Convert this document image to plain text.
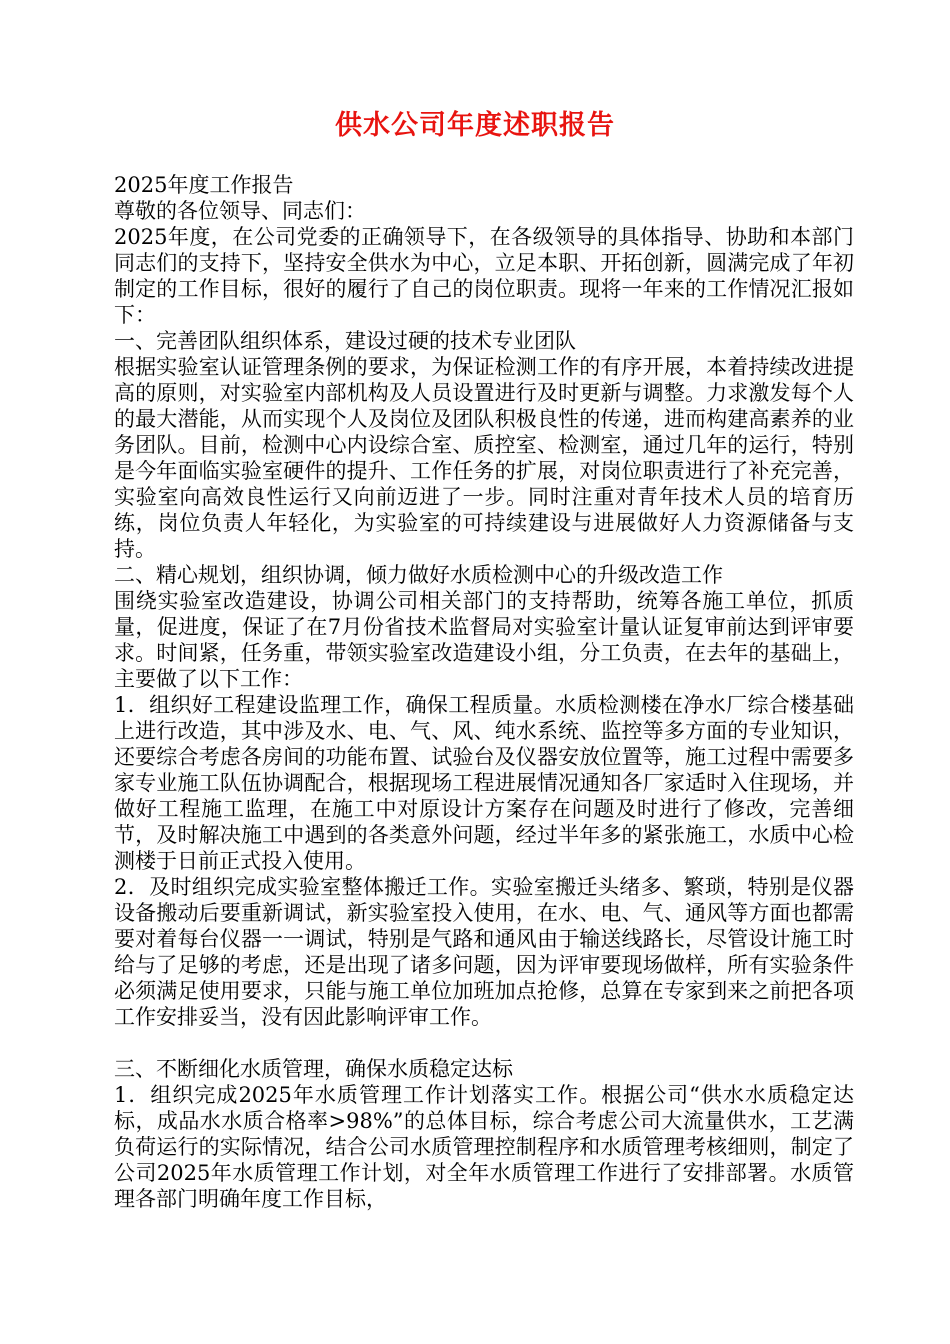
供水公司年度述职报告

2025年度工作报告

尊敬的各位领导、同志们：

2025年度，在公司党委的正确领导下，在各级领导的具体指导、协助和本部门同志们的支持下，坚持安全供水为中心，立足本职、开拓创新，圆满完成了年初制定的工作目标，很好的履行了自己的岗位职责。现将一年来的工作情况汇报如下：

一、完善团队组织体系，建设过硬的技术专业团队

根据实验室认证管理条例的要求，为保证检测工作的有序开展，本着持续改进提高的原则，对实验室内部机构及人员设置进行及时更新与调整。力求激发每个人的最大潜能，从而实现个人及岗位及团队积极良性的传递，进而构建高素养的业务团队。目前，检测中心内设综合室、质控室、检测室，通过几年的运行，特别是今年面临实验室硬件的提升、工作任务的扩展，对岗位职责进行了补充完善，实验室向高效良性运行又向前迈进了一步。同时注重对青年技术人员的培育历练，岗位负责人年轻化，为实验室的可持续建设与进展做好人力资源储备与支持。

二、精心规划，组织协调，倾力做好水质检测中心的升级改造工作

围绕实验室改造建设，协调公司相关部门的支持帮助，统筹各施工单位，抓质量，促进度，保证了在7月份省技术监督局对实验室计量认证复审前达到评审要求。时间紧，任务重，带领实验室改造建设小组，分工负责，在去年的基础上，主要做了以下工作：

1．组织好工程建设监理工作，确保工程质量。水质检测楼在净水厂综合楼基础上进行改造，其中涉及水、电、气、风、纯水系统、监控等多方面的专业知识，还要综合考虑各房间的功能布置、试验台及仪器安放位置等，施工过程中需要多家专业施工队伍协调配合，根据现场工程进展情况通知各厂家适时入住现场，并做好工程施工监理，在施工中对原设计方案存在问题及时进行了修改，完善细节，及时解决施工中遇到的各类意外问题，经过半年多的紧张施工，水质中心检测楼于日前正式投入使用。

2．及时组织完成实验室整体搬迁工作。实验室搬迁头绪多、繁琐，特别是仪器设备搬动后要重新调试，新实验室投入使用，在水、电、气、通风等方面也都需要对着每台仪器一一调试，特别是气路和通风由于输送线路长，尽管设计施工时给与了足够的考虑，还是出现了诸多问题，因为评审要现场做样，所有实验条件必须满足使用要求，只能与施工单位加班加点抢修，总算在专家到来之前把各项工作安排妥当，没有因此影响评审工作。

三、不断细化水质管理，确保水质稳定达标

1．组织完成2025年水质管理工作计划落实工作。根据公司“供水水质稳定达标，成品水水质合格率>98%”的总体目标，综合考虑公司大流量供水，工艺满负荷运行的实际情况，结合公司水质管理控制程序和水质管理考核细则，制定了公司2025年水质管理工作计划，对全年水质管理工作进行了安排部署。水质管理各部门明确年度工作目标，
